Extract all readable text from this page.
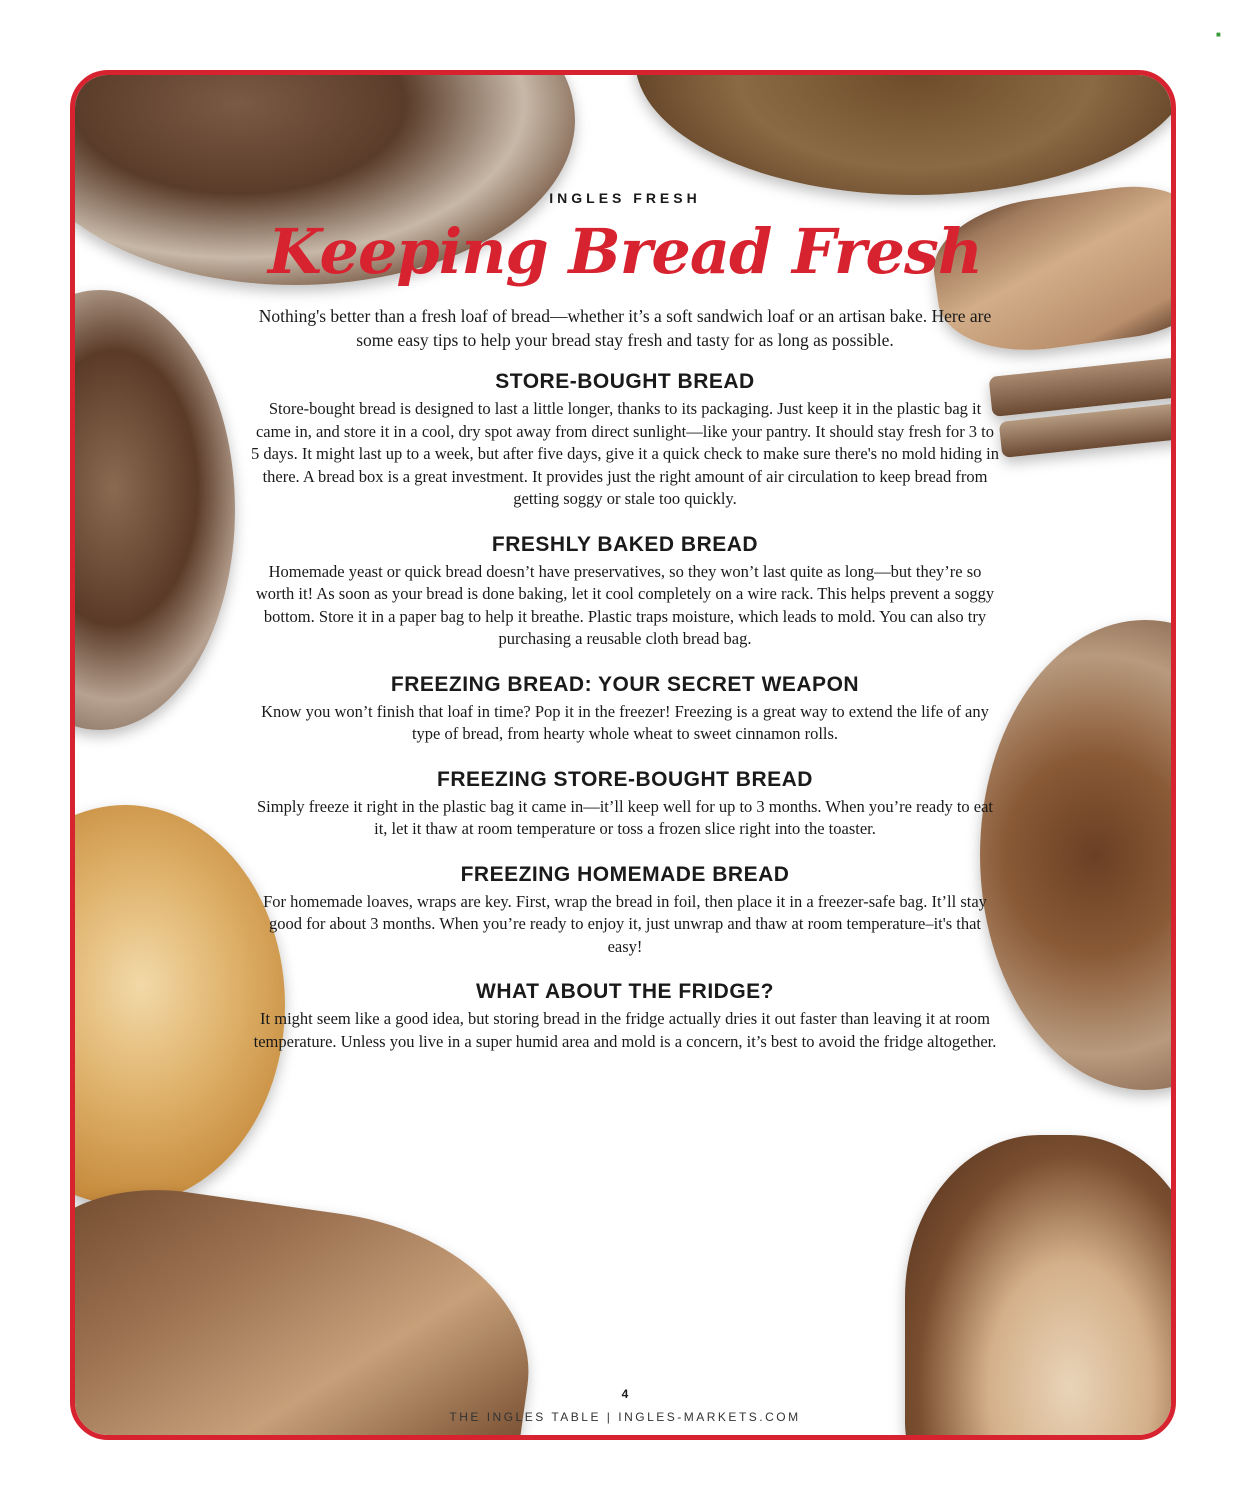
■

INGLES FRESH

Keeping Bread Fresh

Nothing's better than a fresh loaf of bread—whether it’s a soft sandwich loaf or an artisan bake. Here are some easy tips to help your bread stay fresh and tasty for as long as possible.

STORE-BOUGHT BREAD

Store-bought bread is designed to last a little longer, thanks to its packaging. Just keep it in the plastic bag it came in, and store it in a cool, dry spot away from direct sunlight—like your pantry. It should stay fresh for 3 to 5 days. It might last up to a week, but after five days, give it a quick check to make sure there's no mold hiding in there. A bread box is a great investment. It provides just the right amount of air circulation to keep bread from getting soggy or stale too quickly.

FRESHLY BAKED BREAD

Homemade yeast or quick bread doesn’t have preservatives, so they won’t last quite as long—but they’re so worth it! As soon as your bread is done baking, let it cool completely on a wire rack. This helps prevent a soggy bottom. Store it in a paper bag to help it breathe. Plastic traps moisture, which leads to mold. You can also try purchasing a reusable cloth bread bag.

FREEZING BREAD: YOUR SECRET WEAPON

Know you won’t finish that loaf in time? Pop it in the freezer! Freezing is a great way to extend the life of any type of bread, from hearty whole wheat to sweet cinnamon rolls.

FREEZING STORE-BOUGHT BREAD

Simply freeze it right in the plastic bag it came in—it’ll keep well for up to 3 months. When you’re ready to eat it, let it thaw at room temperature or toss a frozen slice right into the toaster.

FREEZING HOMEMADE BREAD

For homemade loaves, wraps are key. First, wrap the bread in foil, then place it in a freezer-safe bag. It’ll stay good for about 3 months. When you’re ready to enjoy it, just unwrap and thaw at room temperature–it's that easy!

WHAT ABOUT THE FRIDGE?

It might seem like a good idea, but storing bread in the fridge actually dries it out faster than leaving it at room temperature. Unless you live in a super humid area and mold is a concern, it’s best to avoid the fridge altogether.

4
THE INGLES TABLE | INGLES-MARKETS.COM
